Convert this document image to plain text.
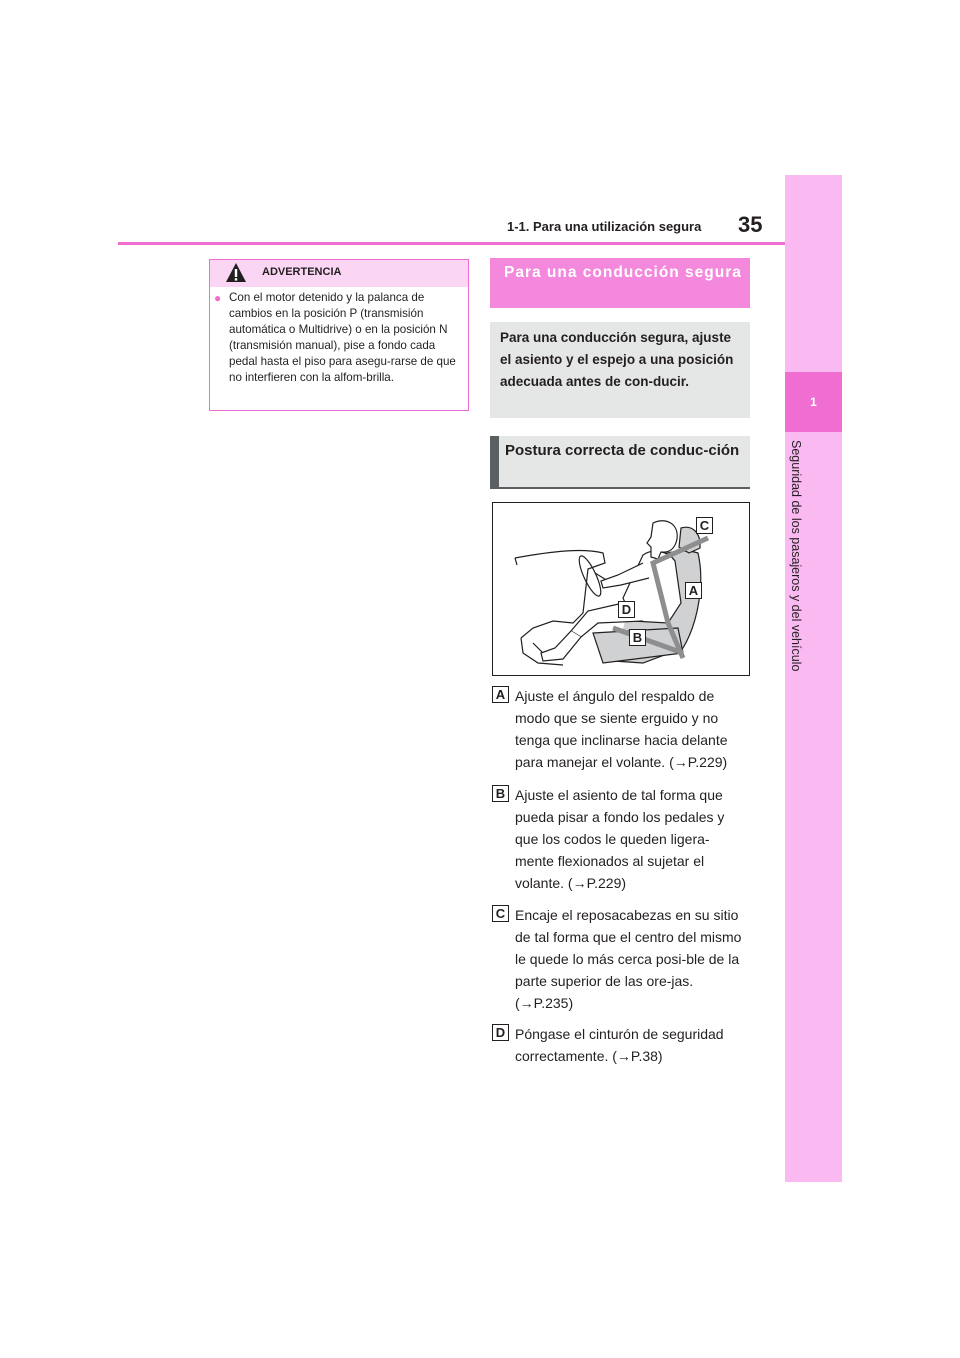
1-1. Para una utilización segura 35
1
Seguridad de los pasajeros y del vehículo
ADVERTENCIA
● Con el motor detenido y la palanca de cambios en la posición P (transmisión automática o Multidrive) o en la posición N (transmisión manual), pise a fondo cada pedal hasta el piso para asegu-rarse de que no interfieren con la alfom-brilla.
Para una conducción segura
Para una conducción segura, ajuste el asiento y el espejo a una posición adecuada antes de con-ducir.
Postura correcta de conduc-ción
C
A
D
B
A Ajuste el ángulo del respaldo de modo que se siente erguido y no tenga que inclinarse hacia delante para manejar el volante. (→P.229)
B Ajuste el asiento de tal forma que pueda pisar a fondo los pedales y que los codos le queden ligera-mente flexionados al sujetar el volante. (→P.229)
C Encaje el reposacabezas en su sitio de tal forma que el centro del mismo le quede lo más cerca posi-ble de la parte superior de las ore-jas. (→P.235)
D Póngase el cinturón de seguridad correctamente. (→P.38)
